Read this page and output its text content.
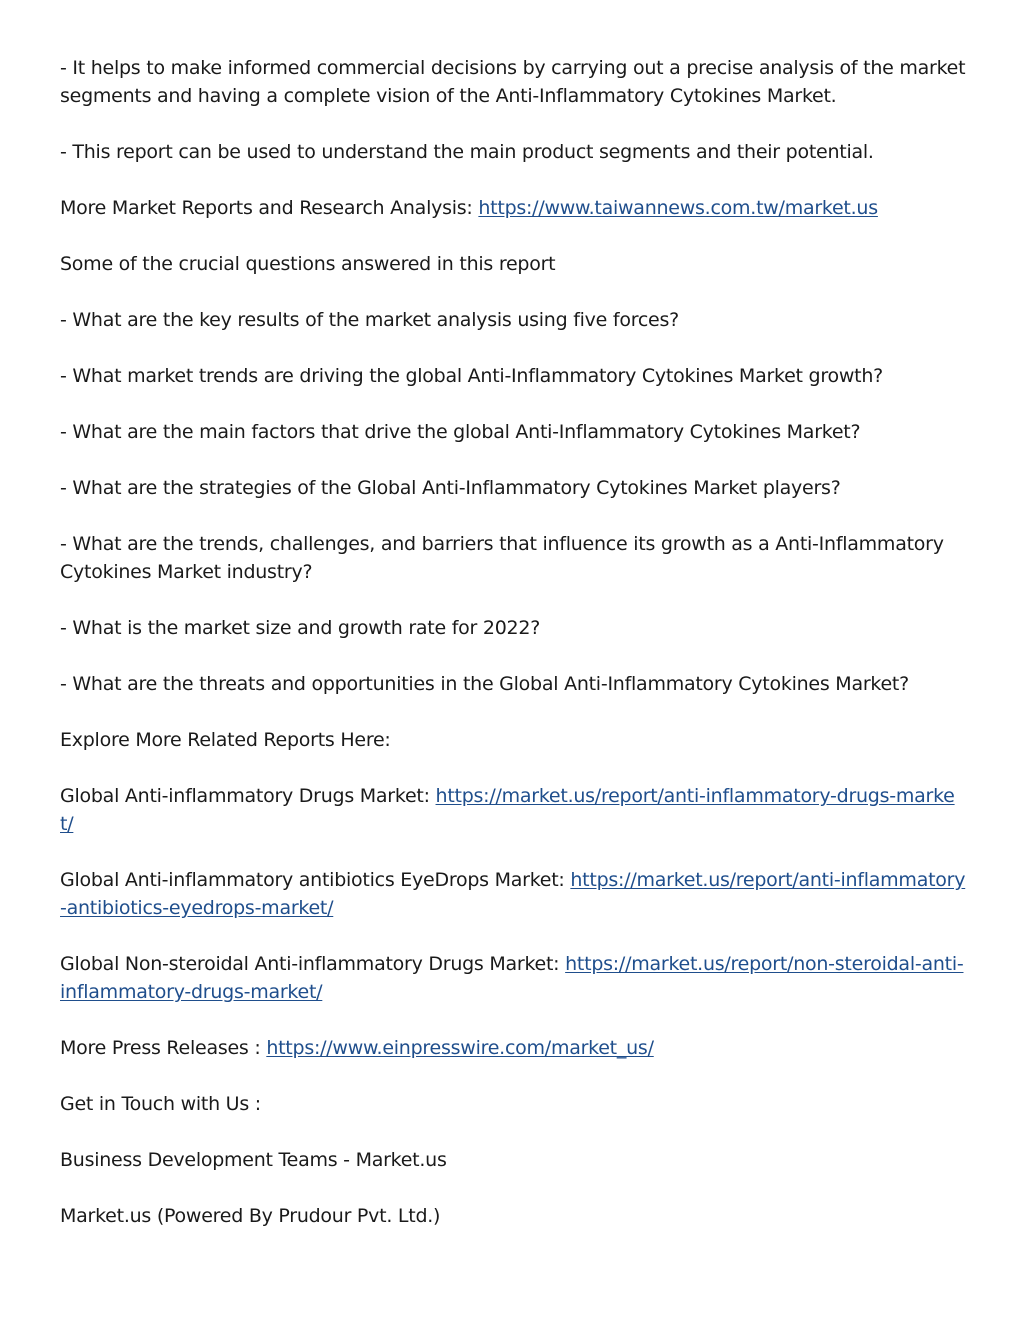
- It helps to make informed commercial decisions by carrying out a precise analysis of the market segments and having a complete vision of the Anti-Inflammatory Cytokines Market.

- This report can be used to understand the main product segments and their potential.

More Market Reports and Research Analysis: https://www.taiwannews.com.tw/market.us

Some of the crucial questions answered in this report

- What are the key results of the market analysis using five forces?

- What market trends are driving the global Anti-Inflammatory Cytokines Market growth?

- What are the main factors that drive the global Anti-Inflammatory Cytokines Market?

- What are the strategies of the Global Anti-Inflammatory Cytokines Market players?

- What are the trends, challenges, and barriers that influence its growth as a Anti-Inflammatory Cytokines Market industry?

- What is the market size and growth rate for 2022?

- What are the threats and opportunities in the Global Anti-Inflammatory Cytokines Market?

Explore More Related Reports Here:

Global Anti-inflammatory Drugs Market: https://market.us/report/anti-inflammatory-drugs-market/

Global Anti-inflammatory antibiotics EyeDrops Market: https://market.us/report/anti-inflammatory-antibiotics-eyedrops-market/

Global Non-steroidal Anti-inflammatory Drugs Market: https://market.us/report/non-steroidal-anti-inflammatory-drugs-market/

More Press Releases : https://www.einpresswire.com/market_us/

Get in Touch with Us :

Business Development Teams - Market.us

Market.us (Powered By Prudour Pvt. Ltd.)
